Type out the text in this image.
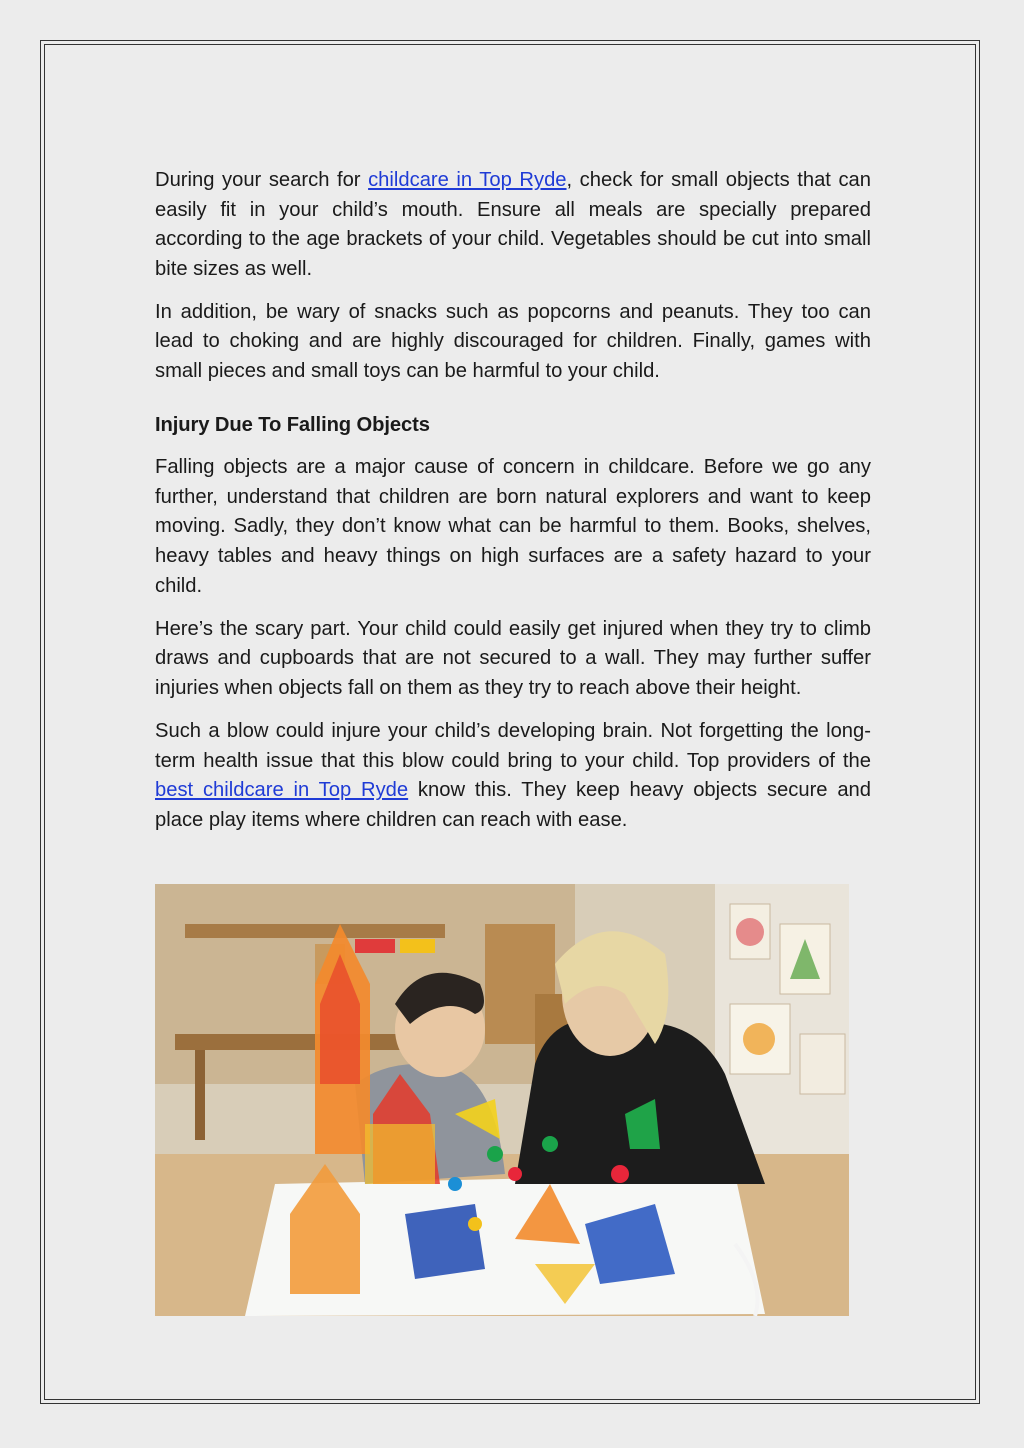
During your search for childcare in Top Ryde, check for small objects that can easily fit in your child’s mouth. Ensure all meals are specially prepared according to the age brackets of your child. Vegetables should be cut into small bite sizes as well.

In addition, be wary of snacks such as popcorns and peanuts. They too can lead to choking and are highly discouraged for children. Finally, games with small pieces and small toys can be harmful to your child.

Injury Due To Falling Objects

Falling objects are a major cause of concern in childcare. Before we go any further, understand that children are born natural explorers and want to keep moving. Sadly, they don’t know what can be harmful to them. Books, shelves, heavy tables and heavy things on high surfaces are a safety hazard to your child.

Here’s the scary part. Your child could easily get injured when they try to climb draws and cupboards that are not secured to a wall. They may further suffer injuries when objects fall on them as they try to reach above their height.

Such a blow could injure your child’s developing brain. Not forgetting the long-term health issue that this blow could bring to your child. Top providers of the best childcare in Top Ryde know this. They keep heavy objects secure and place play items where children can reach with ease.
